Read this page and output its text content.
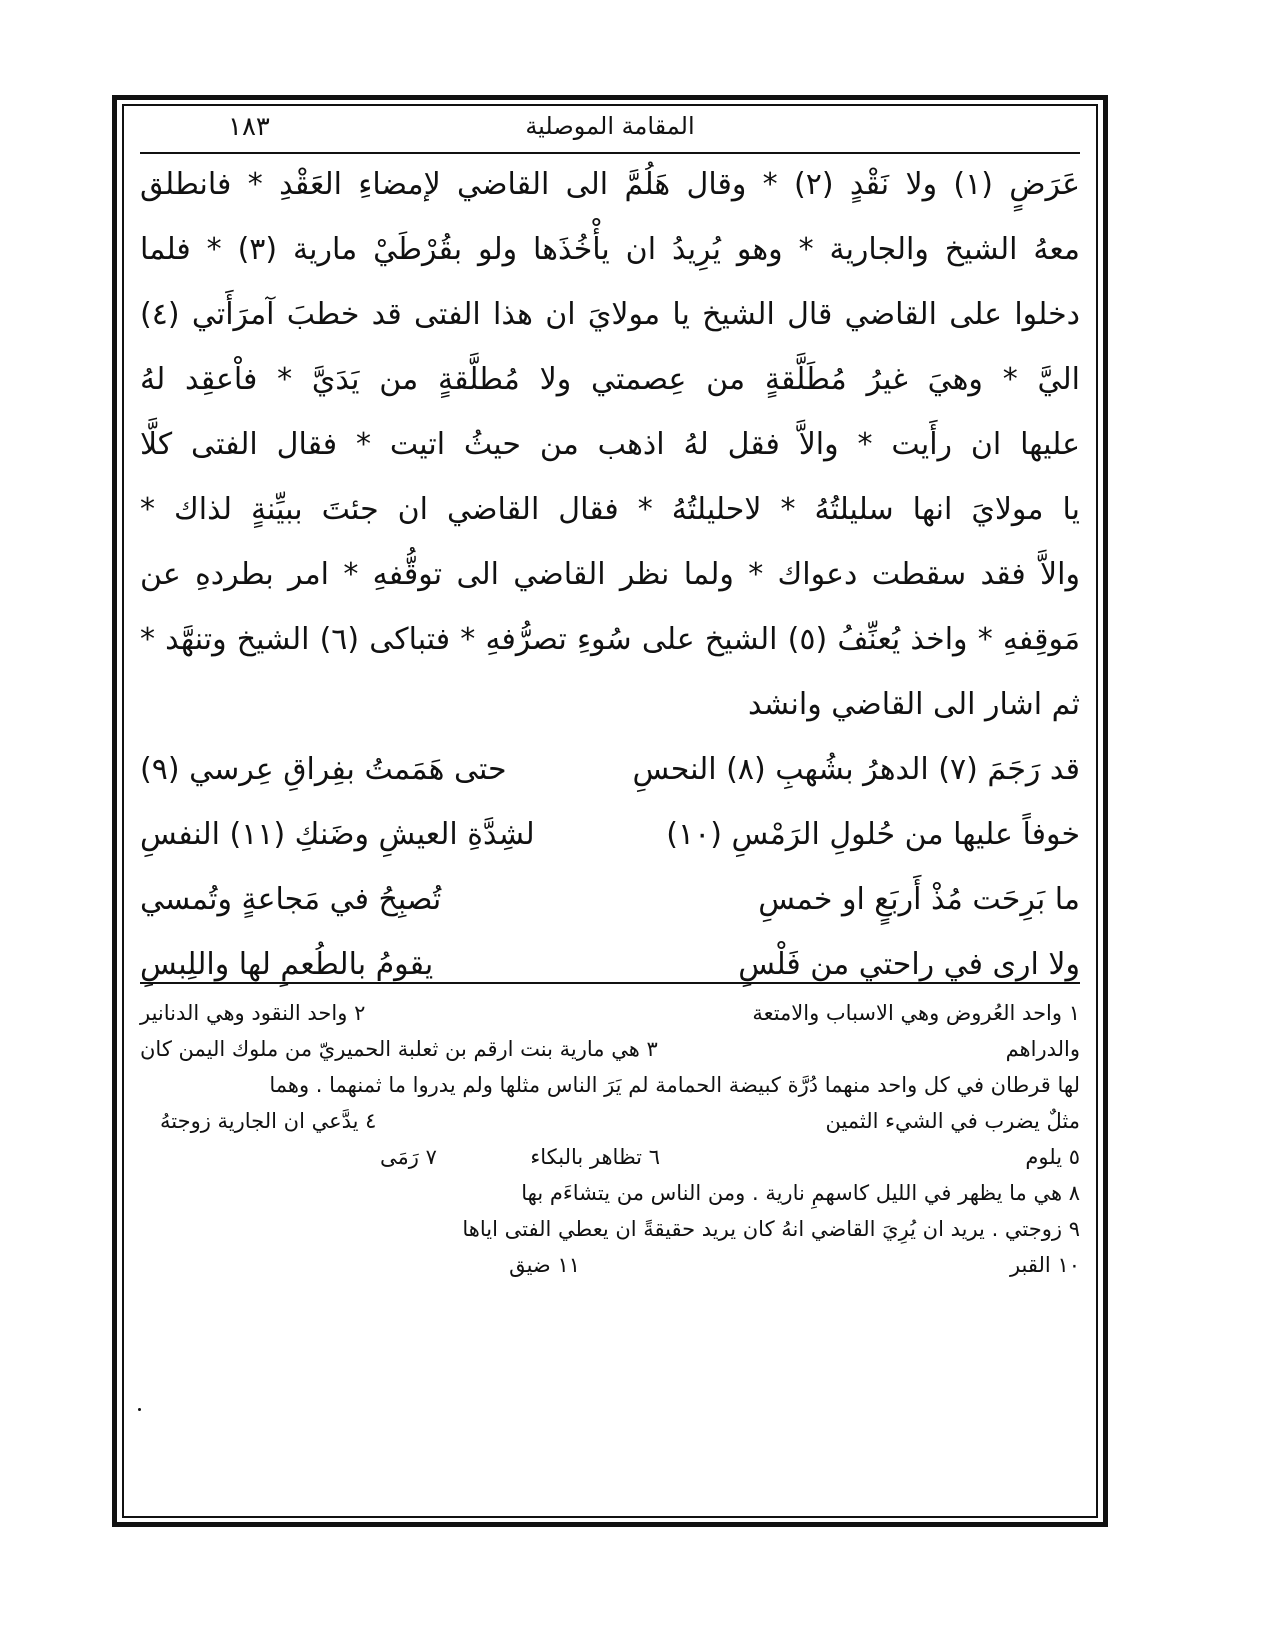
المقامة الموصلية
١٨٣
عَرَضٍ (١) ولا نَقْدٍ (٢) * وقال هَلُمَّ الى القاضي لإمضاءِ العَقْدِ * فانطلق
معهُ الشيخ والجارية * وهو يُرِيدُ ان يأْخُذَها ولو بقُرْطَيْ مارية (٣) * فلما
دخلوا على القاضي قال الشيخ يا مولايَ ان هذا الفتى قد خطبَ آمرَأَتي (٤)
اليَّ * وهيَ غيرُ مُطَلَّقةٍ من عِصمتي ولا مُطلَّقةٍ من يَدَيَّ * فاْعقِد لهُ
عليها ان رأَيت * والاَّ فقل لهُ اذهب من حيثُ اتيت * فقال الفتى كلَّا
يا مولايَ انها سليلتُهُ * لاحليلتُهُ * فقال القاضي ان جئتَ ببيِّنةٍ لذاك *
والاَّ فقد سقطت دعواك * ولما نظر القاضي الى توقُّفهِ * امر بطردهِ عن
مَوقِفهِ * واخذ يُعنِّفُ (٥) الشيخ على سُوءِ تصرُّفهِ * فتباكى (٦) الشيخ وتنهَّد *
ثم اشار الى القاضي وانشد
قد رَجَمَ (٧) الدهرُ بشُهبِ (٨) النحسِ
حتى هَمَمتُ بفِراقِ عِرسي (٩)
خوفاً عليها من حُلولِ الرَمْسِ (١٠)
لشِدَّةِ العيشِ وضَنكِ (١١) النفسِ
ما بَرِحَت مُذْ أَربَعٍ او خمسِ
تُصبِحُ في مَجاعةٍ وتُمسي
ولا ارى في راحتي من فَلْسِ
يقومُ بالطُعمِ لها واللِبسِ
١ واحد العُروض وهي الاسباب والامتعة
٢ واحد النقود وهي الدنانير
والدراهم
٣ هي مارية بنت ارقم بن ثعلبة الحميريّ من ملوك اليمن كان
لها قرطان في كل واحد منهما دُرَّة كبيضة الحمامة لم يَرَ الناس مثلها ولم يدروا ما ثمنهما . وهما
مثلٌ يضرب في الشيء الثمين
٤ يدَّعي ان الجارية زوجتهُ
٥ يلوم
٦ تظاهر بالبكاء
٧ رَمَى
٨ هي ما يظهر في الليل كاسهمِ نارية . ومن الناس من يتشاءَم بها
٩ زوجتي . يريد ان يُرِيَ القاضي انهُ كان يريد حقيقةً ان يعطي الفتى اياها
١٠ القبر
١١ ضيق
